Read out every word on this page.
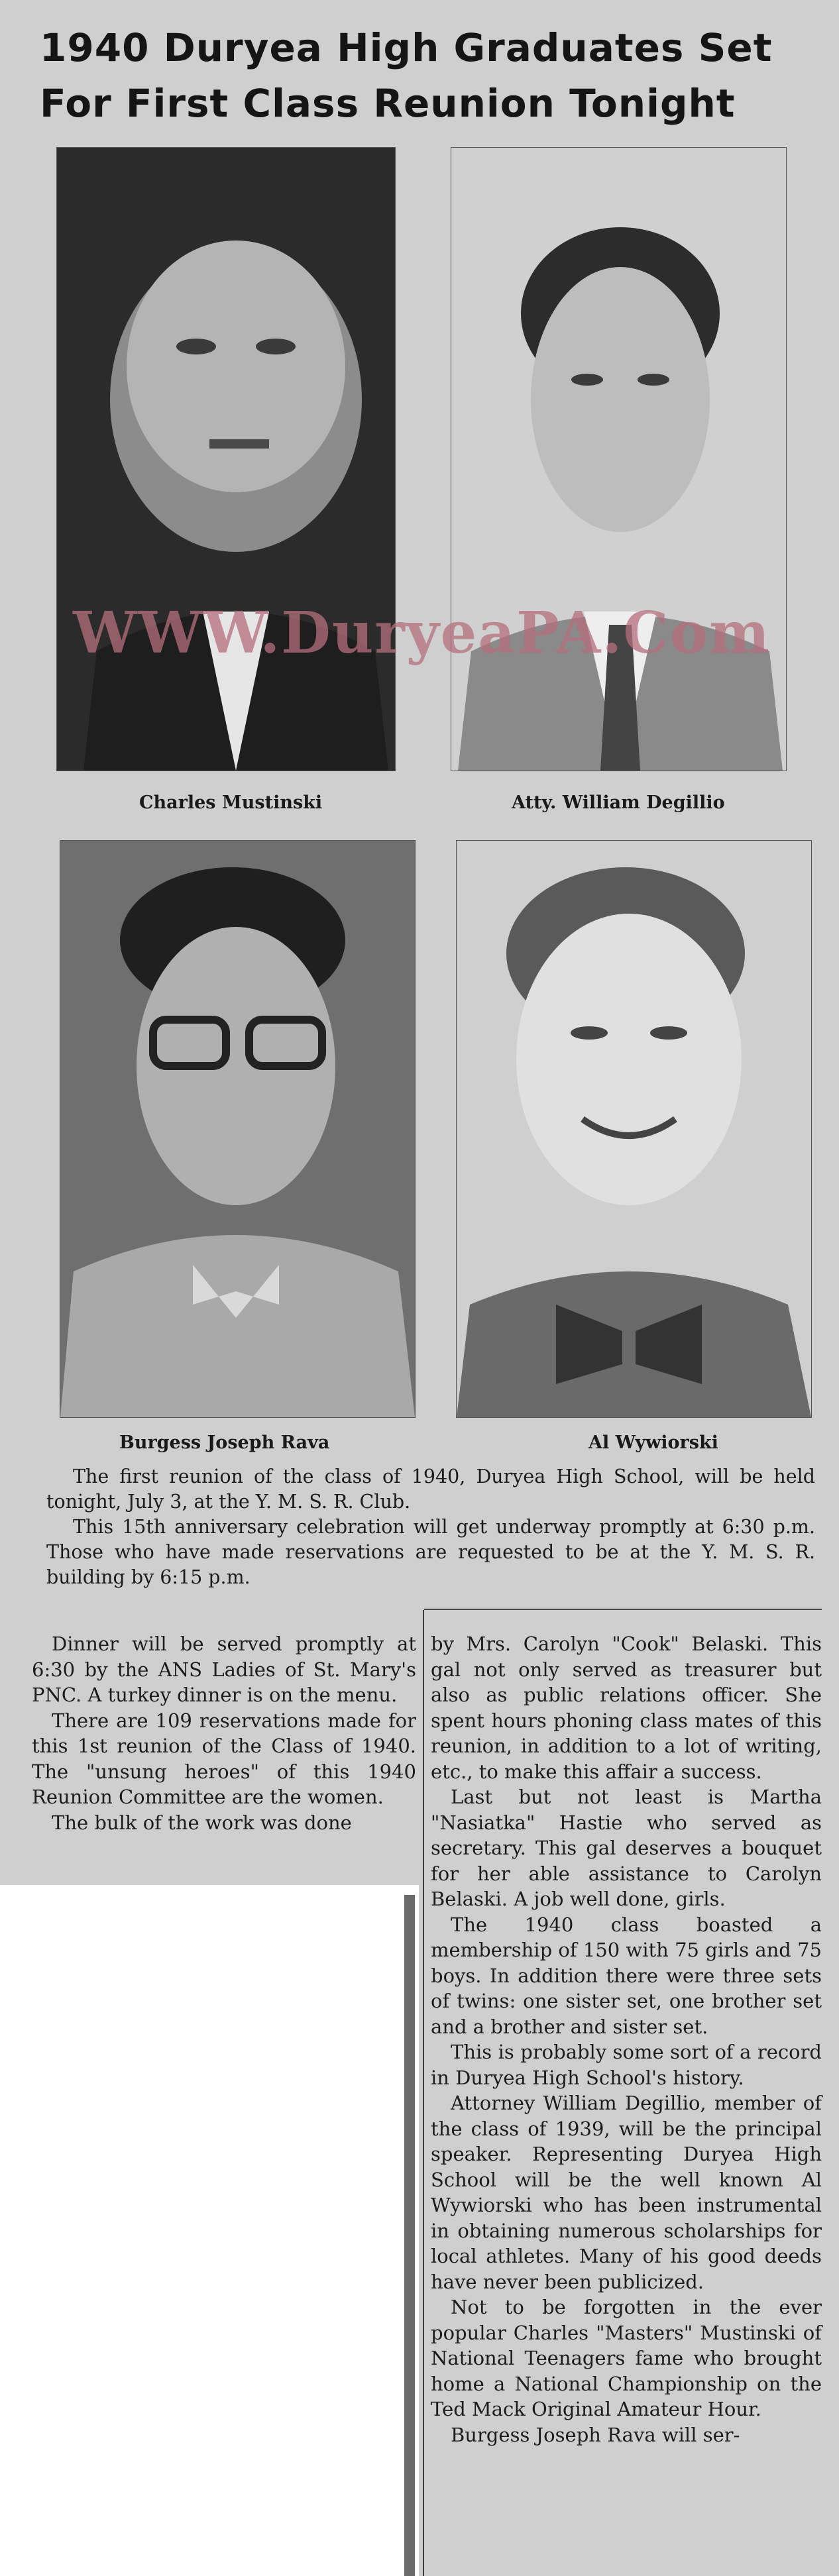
1940 Duryea High Graduates Set
For First Class Reunion Tonight
Charles Mustinski	Atty. William Degillio
WWW.DuryeaPA.Com
Burgess Joseph Rava	Al Wywiorski

The first reunion of the class of 1940, Duryea High School, will be held tonight, July 3, at the Y. M. S. R. Club.

This 15th anniversary celebration will get underway promptly at 6:30 p.m. Those who have made reservations are requested to be at the Y. M. S. R. building by 6:15 p.m.

Dinner will be served promptly at 6:30 by the ANS Ladies of St. Mary's PNC. A turkey dinner is on the menu.

There are 109 reservations made for this 1st reunion of the Class of 1940. The "unsung heroes" of this 1940 Reunion Committee are the women.

The bulk of the work was done

by Mrs. Carolyn "Cook" Belaski. This gal not only served as treasurer but also as public relations officer. She spent hours phoning class mates of this reunion, in addition to a lot of writing, etc., to make this affair a success.

Last but not least is Martha "Nasiatka" Hastie who served as secretary. This gal deserves a bouquet for her able assistance to Carolyn Belaski. A job well done, girls.

The 1940 class boasted a membership of 150 with 75 girls and 75 boys. In addition there were three sets of twins: one sister set, one brother set and a brother and sister set.

This is probably some sort of a record in Duryea High School's history.

Attorney William Degillio, member of the class of 1939, will be the principal speaker. Representing Duryea High School will be the well known Al Wywiorski who has been instrumental in obtaining numerous scholarships for local athletes. Many of his good deeds have never been publicized.

Not to be forgotten in the ever popular Charles "Masters" Mustinski of National Teenagers fame who brought home a National Championship on the Ted Mack Original Amateur Hour.

Burgess Joseph Rava will ser-
